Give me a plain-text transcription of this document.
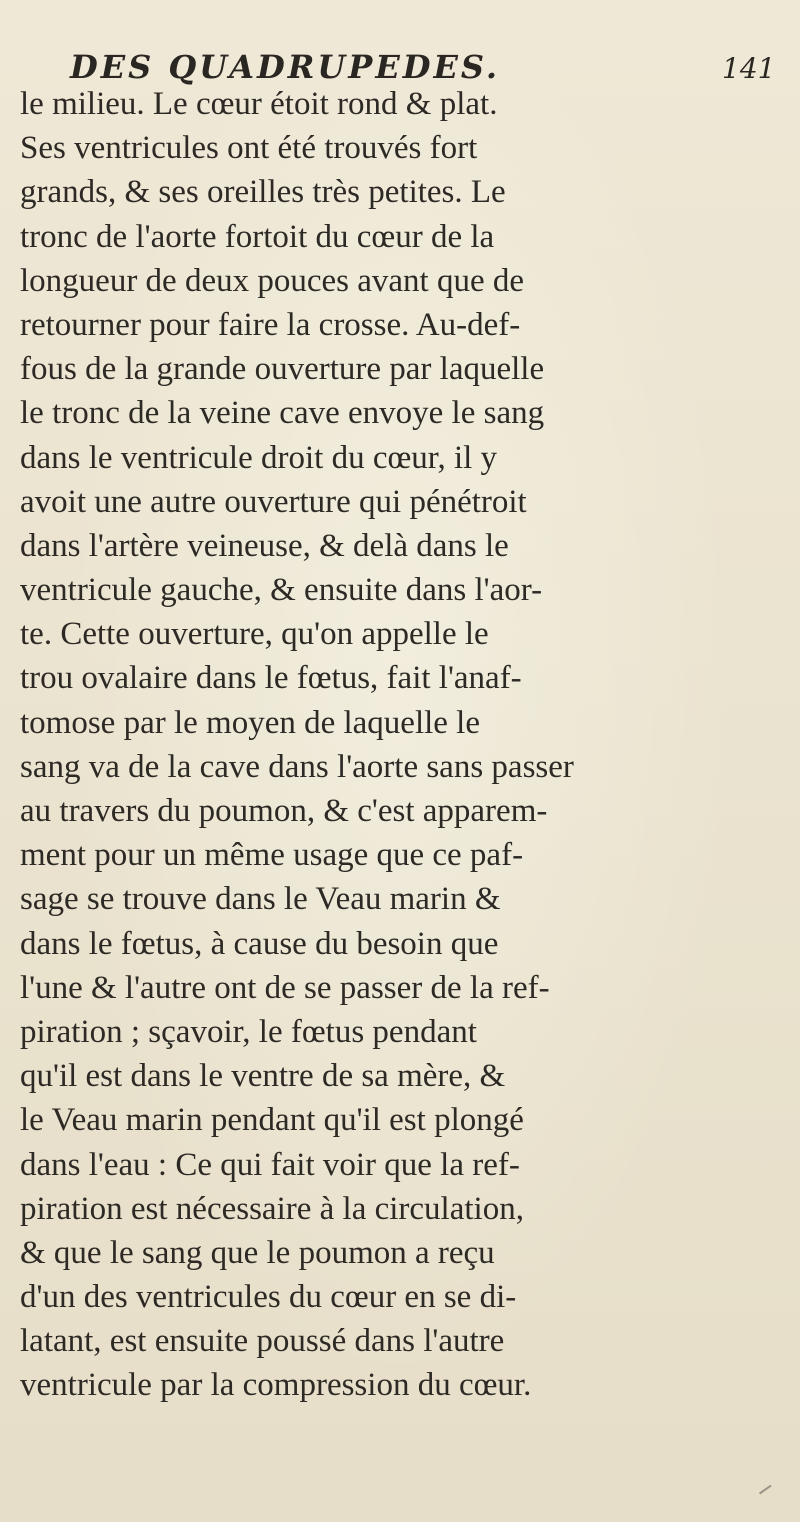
DES QUADRUPEDES.	141
le milieu. Le cœur étoit rond & plat.
Ses ventricules ont été trouvés fort
grands, & ses oreilles très petites. Le
tronc de l'aorte fortoit du cœur de la
longueur de deux pouces avant que de
retourner pour faire la crosse. Au-def-
fous de la grande ouverture par laquelle
le tronc de la veine cave envoye le sang
dans le ventricule droit du cœur, il y
avoit une autre ouverture qui pénétroit
dans l'artère veineuse, & delà dans le
ventricule gauche, & ensuite dans l'aor-
te. Cette ouverture, qu'on appelle le
trou ovalaire dans le fœtus, fait l'anaf-
tomose par le moyen de laquelle le
sang va de la cave dans l'aorte sans passer
au travers du poumon, & c'est apparem-
ment pour un même usage que ce paf-
sage se trouve dans le Veau marin &
dans le fœtus, à cause du besoin que
l'une & l'autre ont de se passer de la ref-
piration ; sçavoir, le fœtus pendant
qu'il est dans le ventre de sa mère, &
le Veau marin pendant qu'il est plongé
dans l'eau : Ce qui fait voir que la ref-
piration est nécessaire à la circulation,
& que le sang que le poumon a reçu
d'un des ventricules du cœur en se di-
latant, est ensuite poussé dans l'autre
ventricule par la compression du cœur.
